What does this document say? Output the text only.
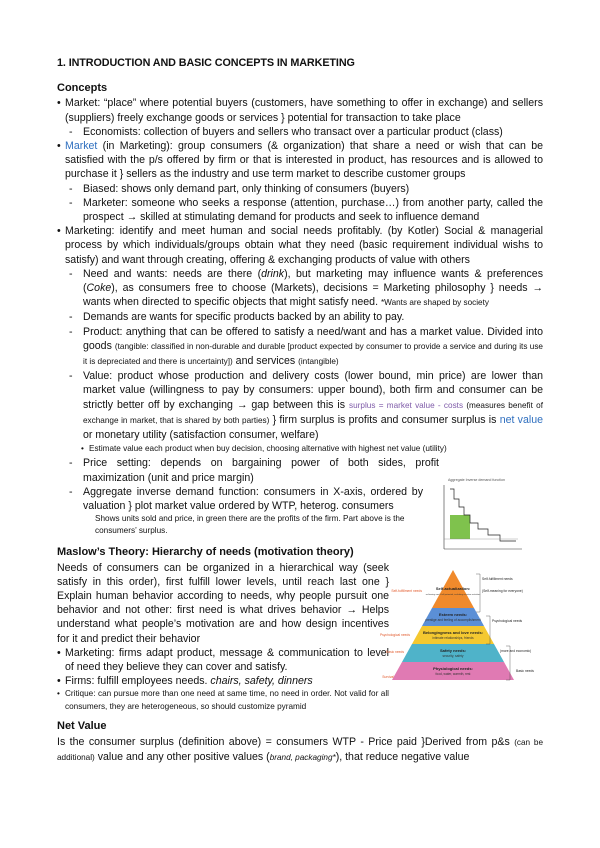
1. INTRODUCTION AND BASIC CONCEPTS IN MARKETING
Concepts

• Market: “place” where potential buyers (customers, have something to offer in exchange) and sellers (suppliers) freely exchange goods or services } potential for transaction to take place

- Economists: collection of buyers and sellers who transact over a particular product (class)

• Market (in Marketing): group consumers (& organization) that share a need or wish that can be satisfied with the p/s offered by firm or that is interested in product, has resources and is allowed to purchase it } sellers as the industry and use term market to describe customer groups

- Biased: shows only demand part, only thinking of consumers (buyers)

- Marketer: someone who seeks a response (attention, purchase…) from another party, called the prospect → skilled at stimulating demand for products and seek to influence demand

• Marketing: identify and meet human and social needs profitably. (by Kotler) Social & managerial process by which individuals/groups obtain what they need (basic requirement individual wishs to satisfy) and want through creating, offering & exchanging products of value with others

- Need and wants: needs are there (drink), but marketing may influence wants & preferences (Coke), as consumers free to choose (Markets), decisions = Marketing philosophy } needs → wants when directed to specific objects that might satisfy need. *Wants are shaped by society

- Demands are wants for specific products backed by an ability to pay.

- Product: anything that can be offered to satisfy a need/want and has a market value. Divided into goods (tangible: classified in non-durable and durable [product expected by consumer to provide a service and during its use it is depreciated and there is uncertainty]) and services (intangible)

- Value: product whose production and delivery costs (lower bound, min price) are lower than market value (willingness to pay by consumers: upper bound), both firm and consumer can be strictly better off by exchanging → gap between this is surplus = market value - costs (measures benefit of exchange in market, that is shared by both parties) } firm surplus is profits and consumer surplus is net value or monetary utility (satisfaction consumer, welfare)

• Estimate value each product when buy decision, choosing alternative with highest net value (utility)

- Price setting: depends on bargaining power of both sides, profit maximization (unit and price margin)

- Aggregate inverse demand function: consumers in X-axis, ordered by valuation } plot market value ordered by WTP, heterog. consumers

Shows units sold and price, in green there are the profits of the firm. Part above is the consumers’ surplus.

Maslow’s Theory: Hierarchy of needs (motivation theory)

Needs of consumers can be organized in a hierarchical way (seek satisfy in this order), first fulfill lower levels, until reach last one } Explain human behavior according to needs, why people pursuit one behavior and not other: first need is what drives behavior → Helps understand what people’s motivation are and how design incentives for it and predict their behavior

• Marketing: firms adapt product, message & communication to level of need they believe they can cover and satisfy.

• Firms: fulfill employees needs. chairs, safety, dinners

• Critique: can pursue more than one need at same time, no need in order. Not valid for all consumers, they are heterogeneous, so should customize pyramid

Net Value

Is the consumer surplus (definition above) = consumers WTP - Price paid }Derived from p&s (can be additional) value and any other positive values (brand, packaging*), that reduce negative value

Aggregate Inverse demand function
Self-actualization:
Esteem needs:
Belongingness and love needs:
Safety needs:
Physiological needs:
achieving one's full potential, including creative activities
prestige and feeling of accomplishment
intimate relationships, friends
security, safety
food, water, warmth, rest
Self-fulfillment needs
Psychological needs
Basic needs
Survival
Self-fulfillment needs
(Self-meaning for everyone)
Psychological needs
(more and economic)
Basic needs
